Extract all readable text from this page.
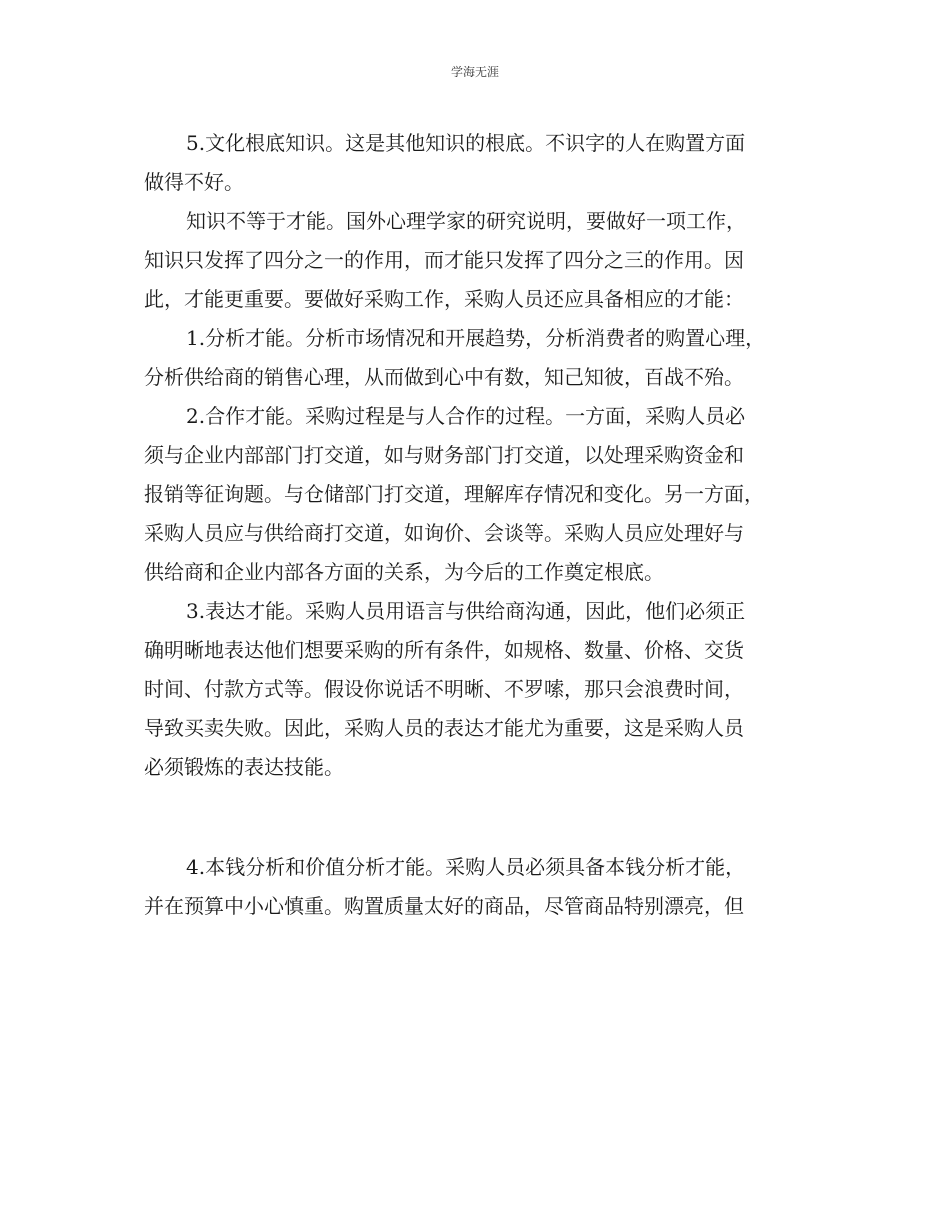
学海无涯
5.文化根底知识。这是其他知识的根底。不识字的人在购置方面
做得不好。
知识不等于才能。国外心理学家的研究说明，要做好一项工作，
知识只发挥了四分之一的作用，而才能只发挥了四分之三的作用。因
此，才能更重要。要做好采购工作，采购人员还应具备相应的才能：
1.分析才能。分析市场情况和开展趋势，分析消费者的购置心理，
分析供给商的销售心理，从而做到心中有数，知己知彼，百战不殆。
2.合作才能。采购过程是与人合作的过程。一方面，采购人员必
须与企业内部部门打交道，如与财务部门打交道，以处理采购资金和
报销等征询题。与仓储部门打交道，理解库存情况和变化。另一方面，
采购人员应与供给商打交道，如询价、会谈等。采购人员应处理好与
供给商和企业内部各方面的关系，为今后的工作奠定根底。
3.表达才能。采购人员用语言与供给商沟通，因此，他们必须正
确明晰地表达他们想要采购的所有条件，如规格、数量、价格、交货
时间、付款方式等。假设你说话不明晰、不罗嗦，那只会浪费时间，
导致买卖失败。因此，采购人员的表达才能尤为重要，这是采购人员
必须锻炼的表达技能。
4.本钱分析和价值分析才能。采购人员必须具备本钱分析才能，
并在预算中小心慎重。购置质量太好的商品，尽管商品特别漂亮，但
